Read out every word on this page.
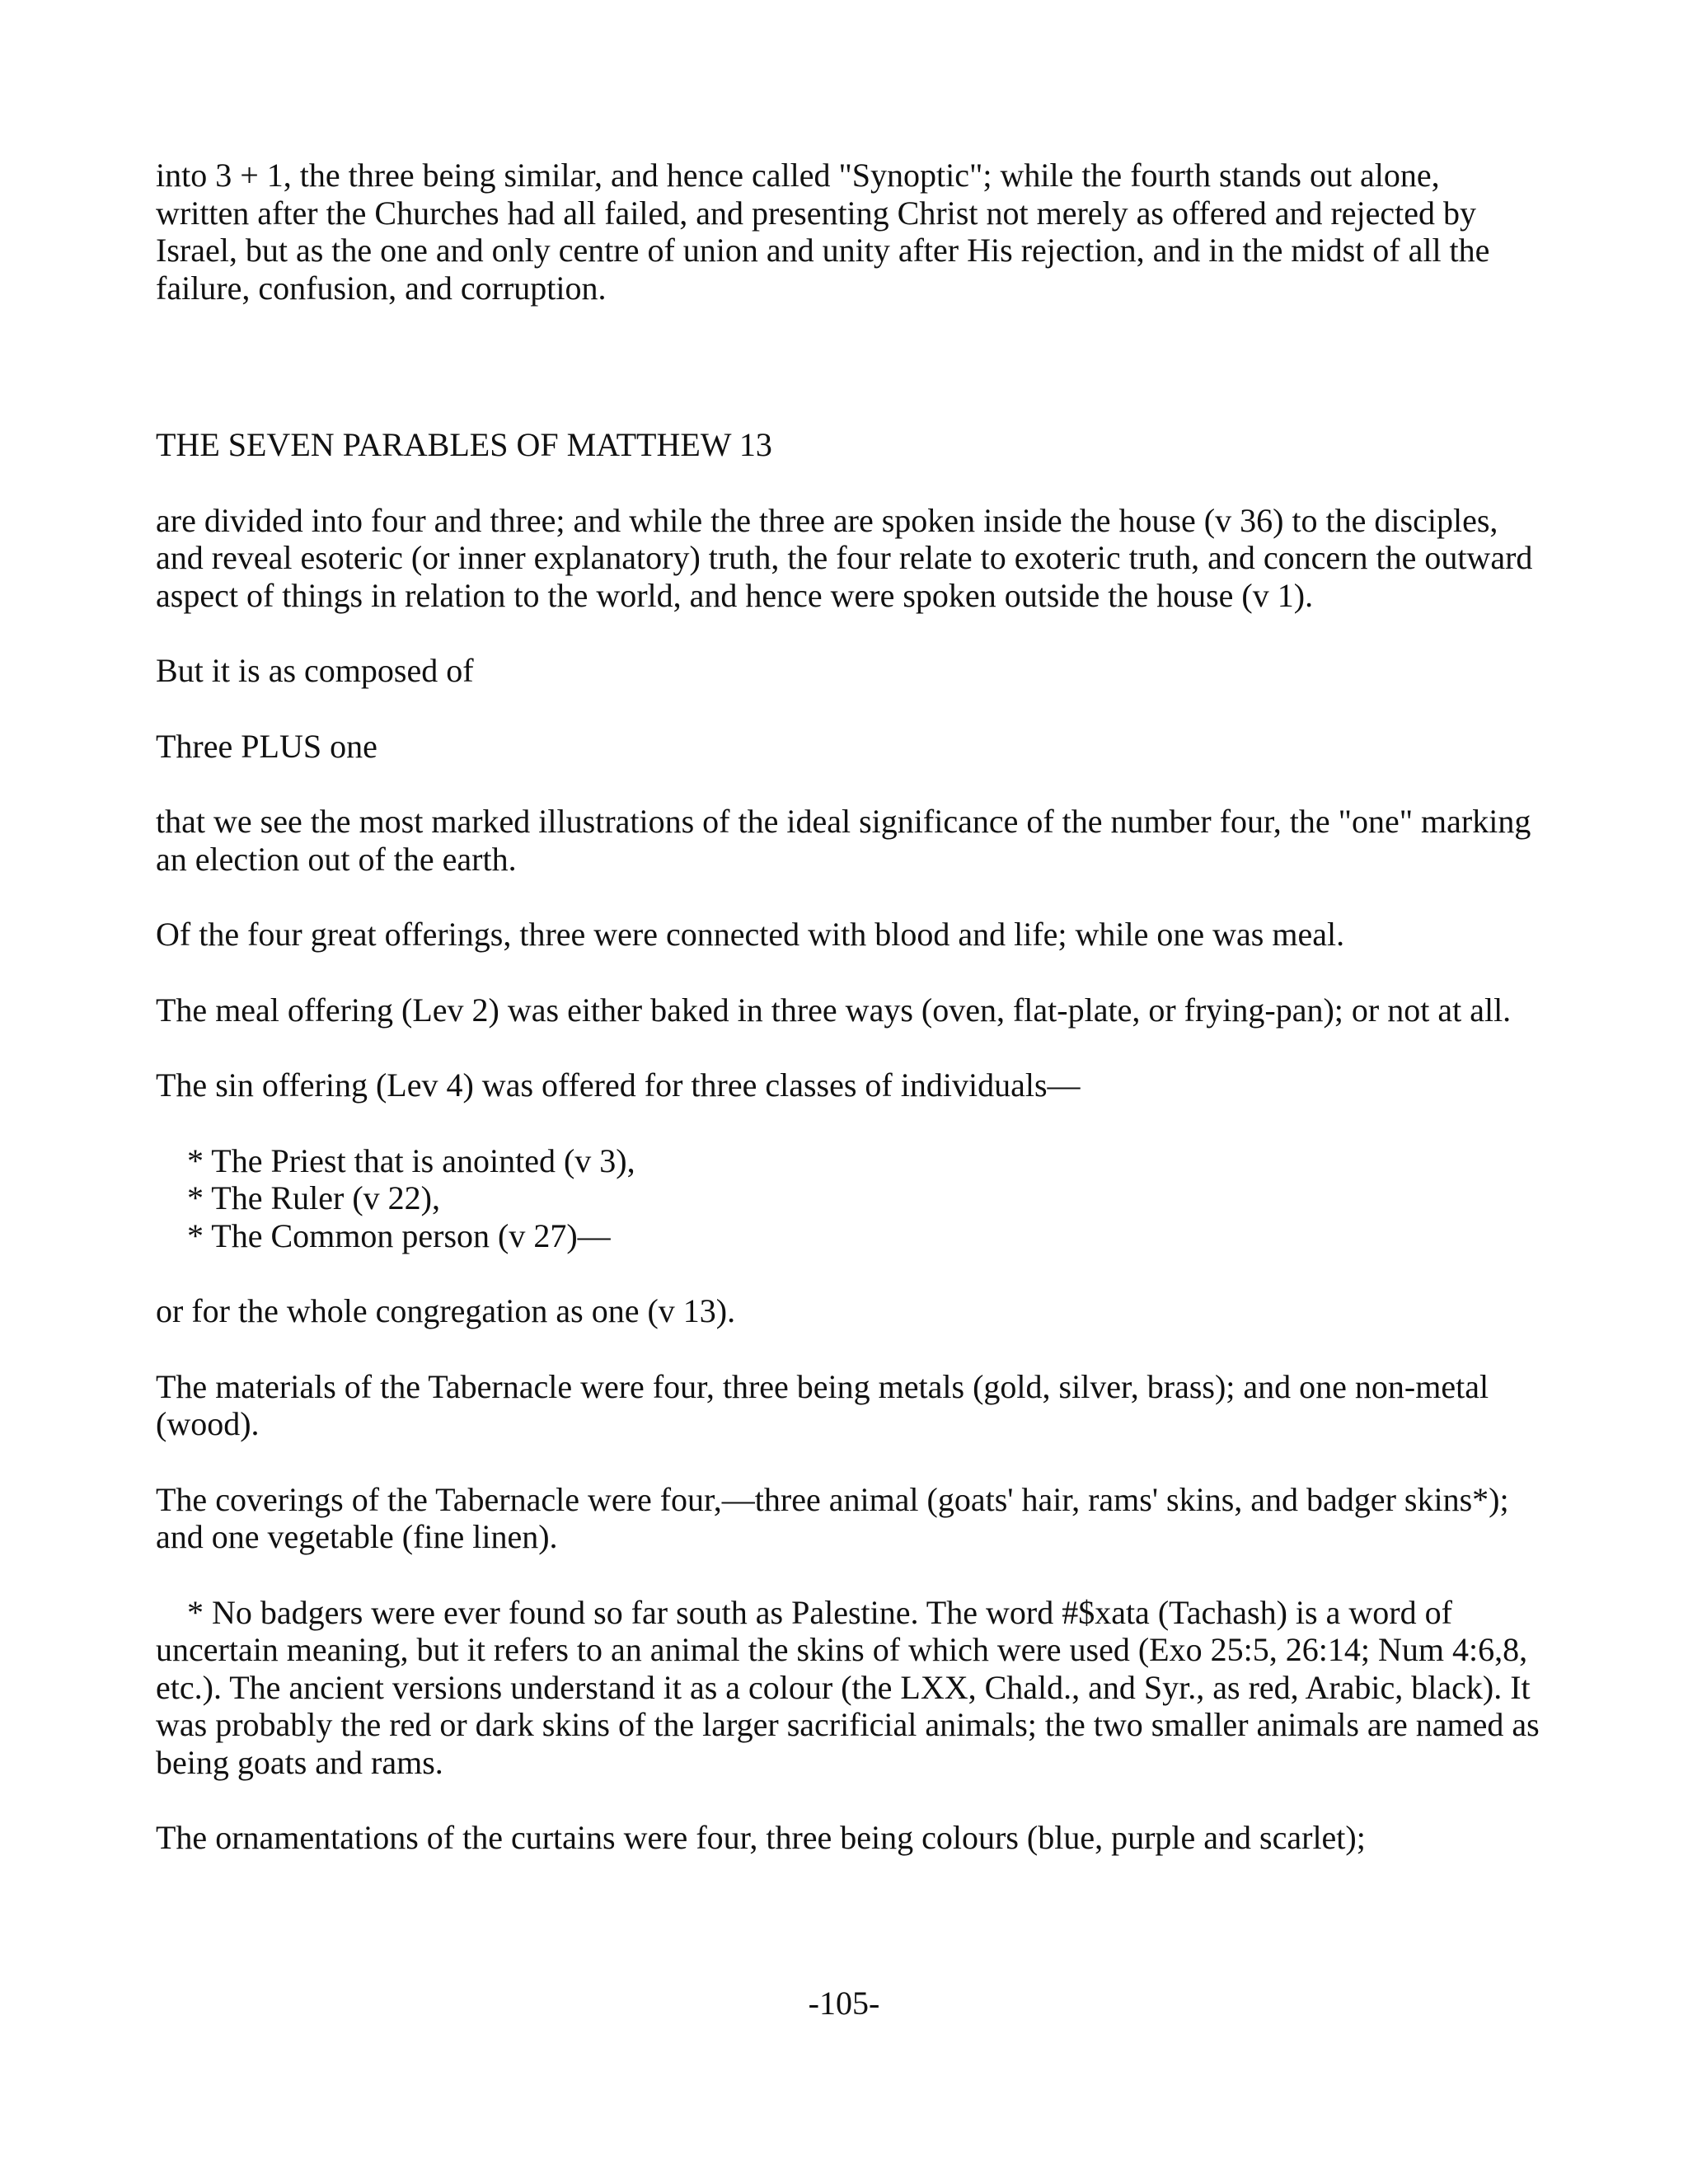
into 3 + 1, the three being similar, and hence called "Synoptic"; while the fourth stands out alone, written after the Churches had all failed, and presenting Christ not merely as offered and rejected by Israel, but as the one and only centre of union and unity after His rejection, and in the midst of all the failure, confusion, and corruption.

THE SEVEN PARABLES OF MATTHEW 13

are divided into four and three; and while the three are spoken inside the house (v 36) to the disciples, and reveal esoteric (or inner explanatory) truth, the four relate to exoteric truth, and concern the outward aspect of things in relation to the world, and hence were spoken outside the house (v 1).

But it is as composed of

Three PLUS one

that we see the most marked illustrations of the ideal significance of the number four, the "one" marking an election out of the earth.

Of the four great offerings, three were connected with blood and life; while one was meal.

The meal offering (Lev 2) was either baked in three ways (oven, flat-plate, or frying-pan); or not at all.

The sin offering (Lev 4) was offered for three classes of individuals—

* The Priest that is anointed (v 3),
* The Ruler (v 22),
* The Common person (v 27)—

or for the whole congregation as one (v 13).

The materials of the Tabernacle were four, three being metals (gold, silver, brass); and one non-metal (wood).

The coverings of the Tabernacle were four,—three animal (goats' hair, rams' skins, and badger skins*); and one vegetable (fine linen).

* No badgers were ever found so far south as Palestine. The word #$xata (Tachash) is a word of uncertain meaning, but it refers to an animal the skins of which were used (Exo 25:5, 26:14; Num 4:6,8, etc.). The ancient versions understand it as a colour (the LXX, Chald., and Syr., as red, Arabic, black). It was probably the red or dark skins of the larger sacrificial animals; the two smaller animals are named as being goats and rams.

The ornamentations of the curtains were four, three being colours (blue, purple and scarlet);

-105-
